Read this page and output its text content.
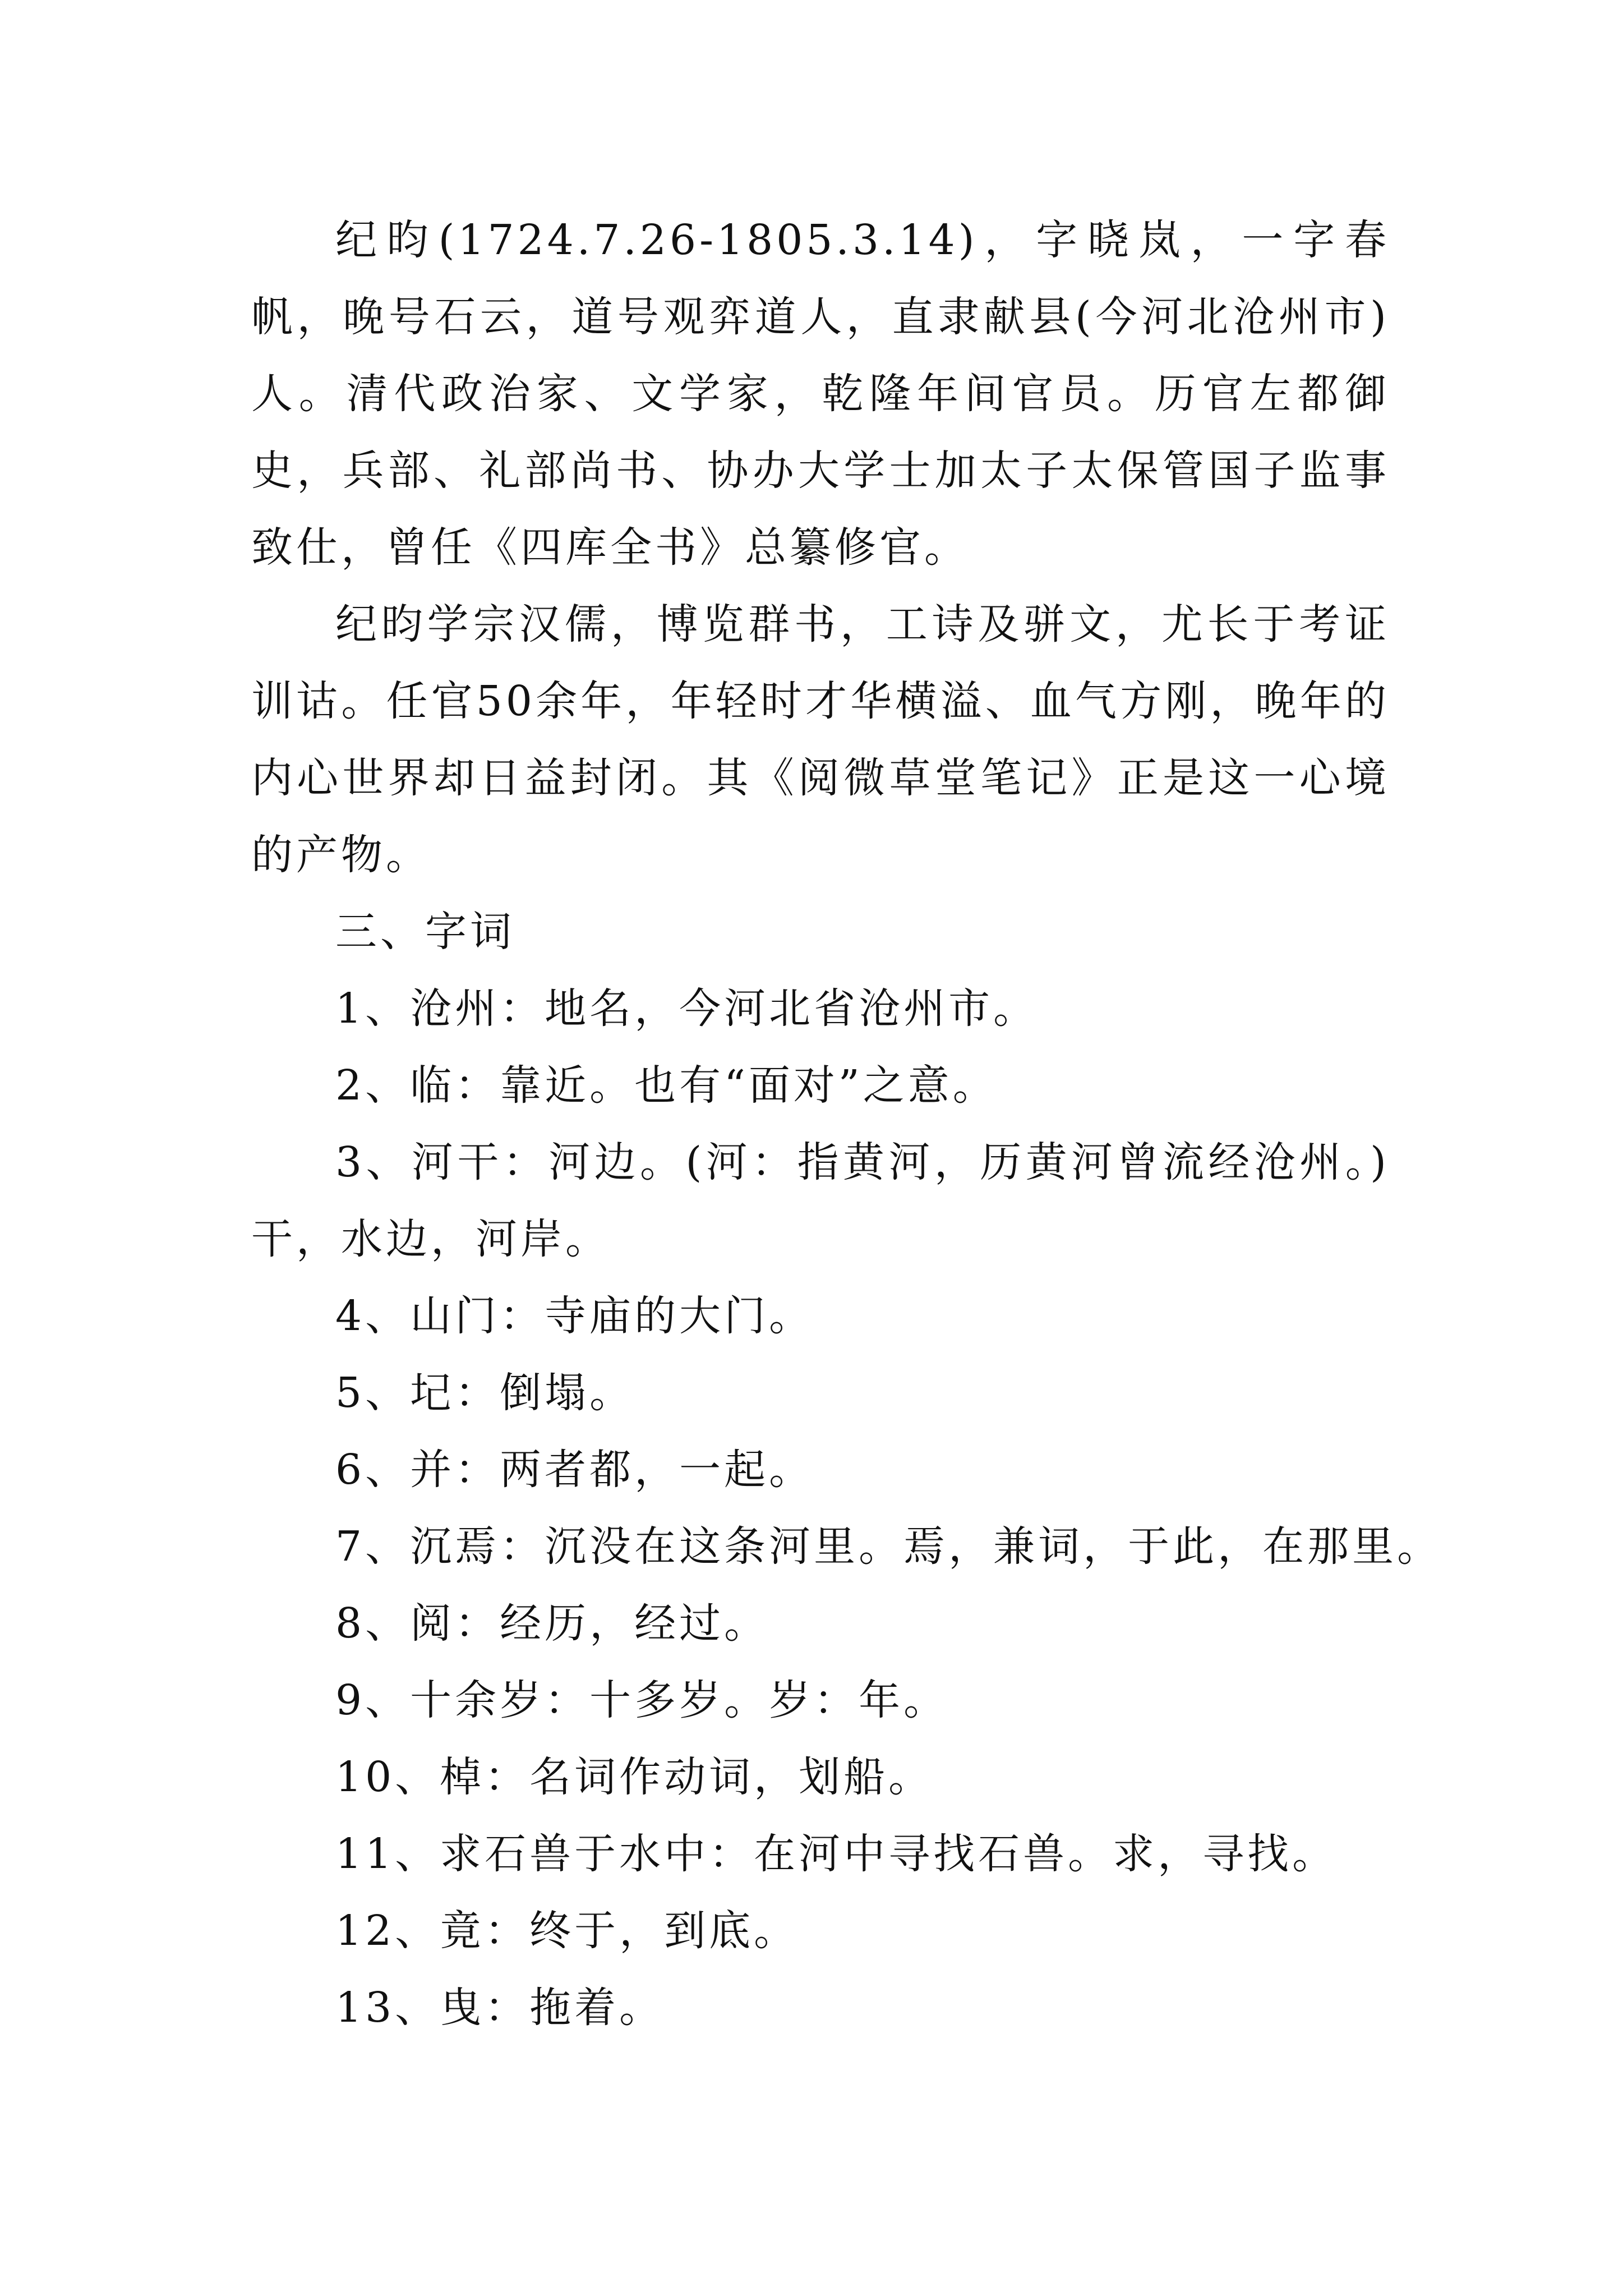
纪昀(1724.7.26-1805.3.14)，字晓岚，一字春帆，晚号石云，道号观弈道人，直隶献县(今河北沧州市)人。清代政治家、文学家，乾隆年间官员。历官左都御史，兵部、礼部尚书、协办大学士加太子太保管国子监事致仕，曾任《四库全书》总纂修官。

纪昀学宗汉儒，博览群书，工诗及骈文，尤长于考证训诂。任官50余年，年轻时才华横溢、血气方刚，晚年的内心世界却日益封闭。其《阅微草堂笔记》正是这一心境的产物。

三、字词

1、沧州：地名，今河北省沧州市。

2、临：靠近。也有“面对”之意。

3、河干：河边。(河：指黄河，历黄河曾流经沧州。)干，水边，河岸。

4、山门：寺庙的大门。

5、圮：倒塌。

6、并：两者都，一起。

7、沉焉：沉没在这条河里。焉，兼词，于此，在那里。

8、阅：经历，经过。

9、十余岁：十多岁。岁：年。

10、棹：名词作动词，划船。

11、求石兽于水中：在河中寻找石兽。求，寻找。

12、竟：终于，到底。

13、曳：拖着。
